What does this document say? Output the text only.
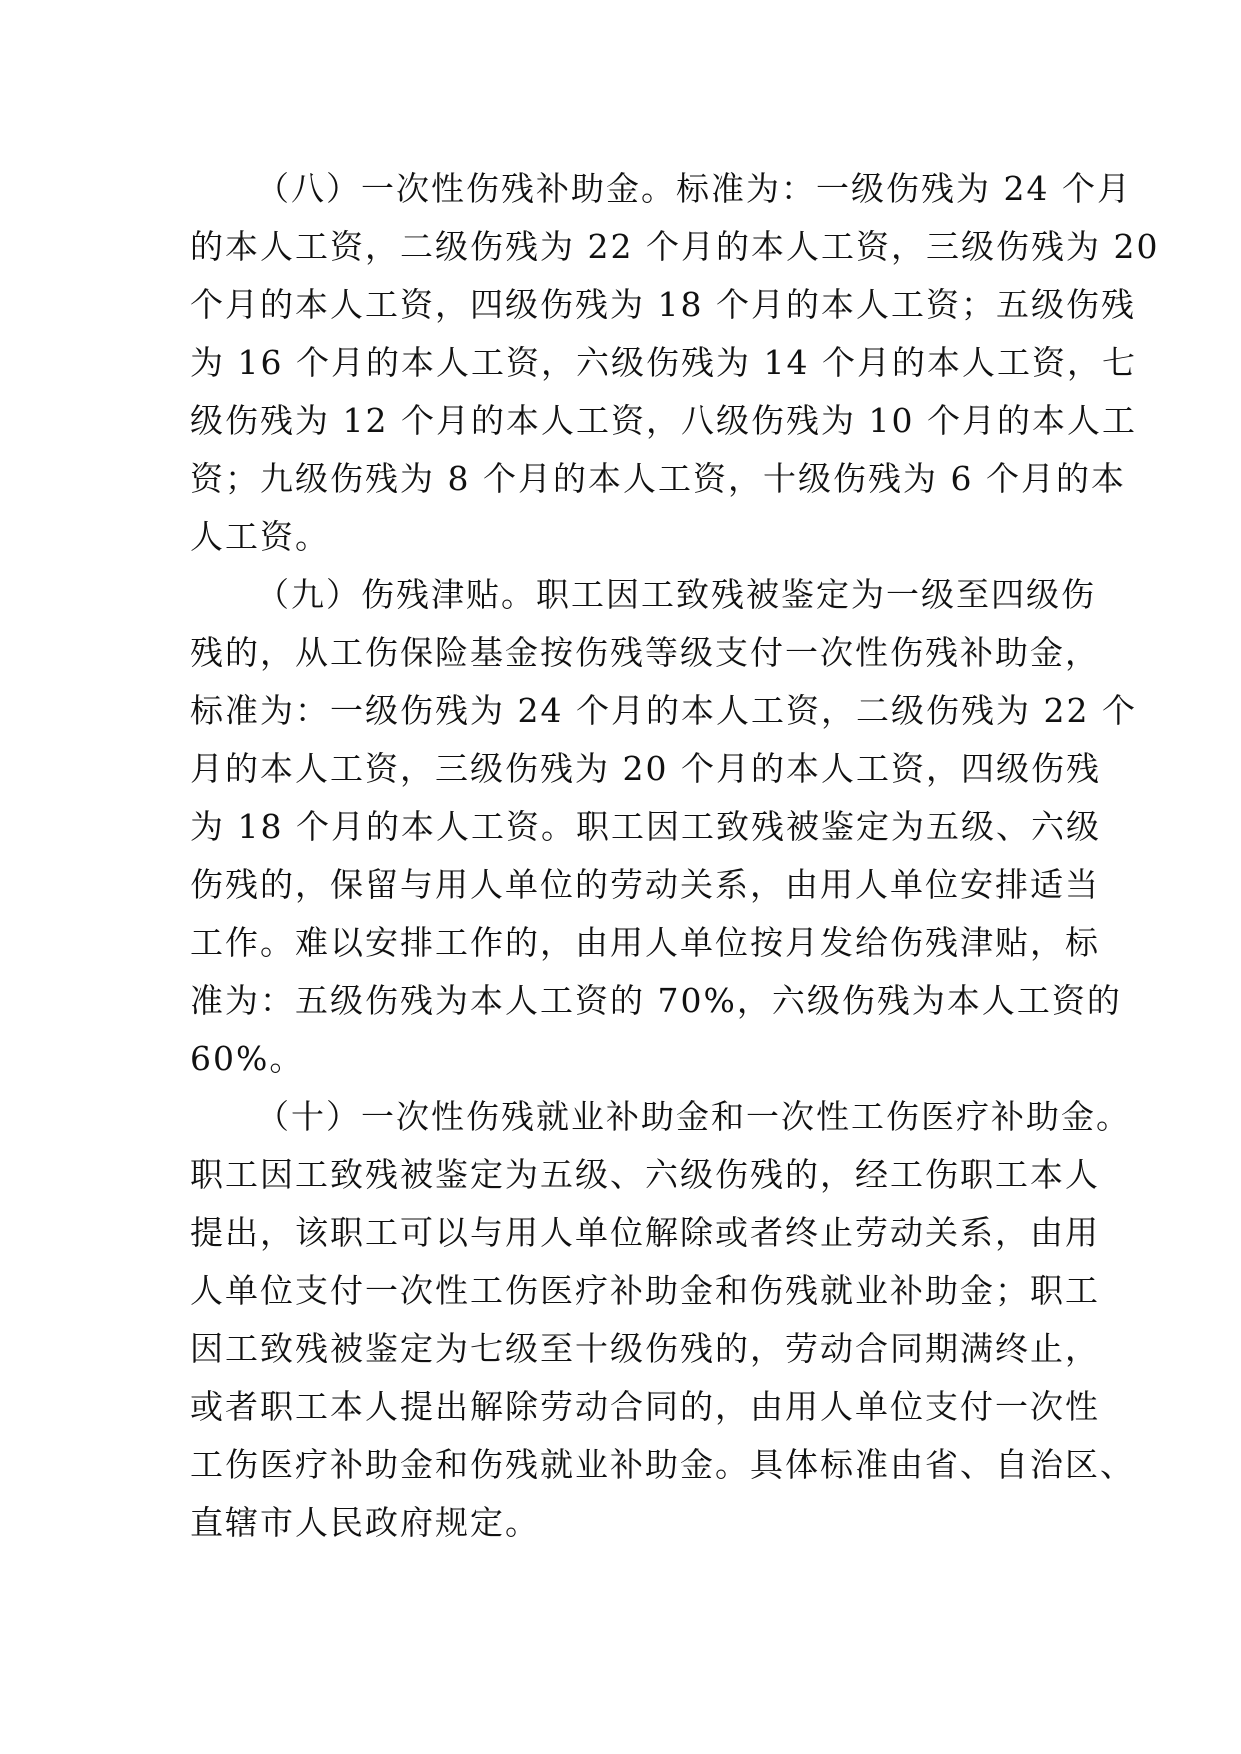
（八）一次性伤残补助金。标准为：一级伤残为 24 个月
的本人工资，二级伤残为 22 个月的本人工资，三级伤残为 20
个月的本人工资，四级伤残为 18 个月的本人工资；五级伤残
为 16 个月的本人工资，六级伤残为 14 个月的本人工资，七
级伤残为 12 个月的本人工资，八级伤残为 10 个月的本人工
资；九级伤残为 8 个月的本人工资，十级伤残为 6 个月的本
人工资。
（九）伤残津贴。职工因工致残被鉴定为一级至四级伤
残的，从工伤保险基金按伤残等级支付一次性伤残补助金，
标准为：一级伤残为 24 个月的本人工资，二级伤残为 22 个
月的本人工资，三级伤残为 20 个月的本人工资，四级伤残
为 18 个月的本人工资。职工因工致残被鉴定为五级、六级
伤残的，保留与用人单位的劳动关系，由用人单位安排适当
工作。难以安排工作的，由用人单位按月发给伤残津贴，标
准为：五级伤残为本人工资的 70%，六级伤残为本人工资的
60%。
（十）一次性伤残就业补助金和一次性工伤医疗补助金。
职工因工致残被鉴定为五级、六级伤残的，经工伤职工本人
提出，该职工可以与用人单位解除或者终止劳动关系，由用
人单位支付一次性工伤医疗补助金和伤残就业补助金；职工
因工致残被鉴定为七级至十级伤残的，劳动合同期满终止，
或者职工本人提出解除劳动合同的，由用人单位支付一次性
工伤医疗补助金和伤残就业补助金。具体标准由省、自治区、
直辖市人民政府规定。
